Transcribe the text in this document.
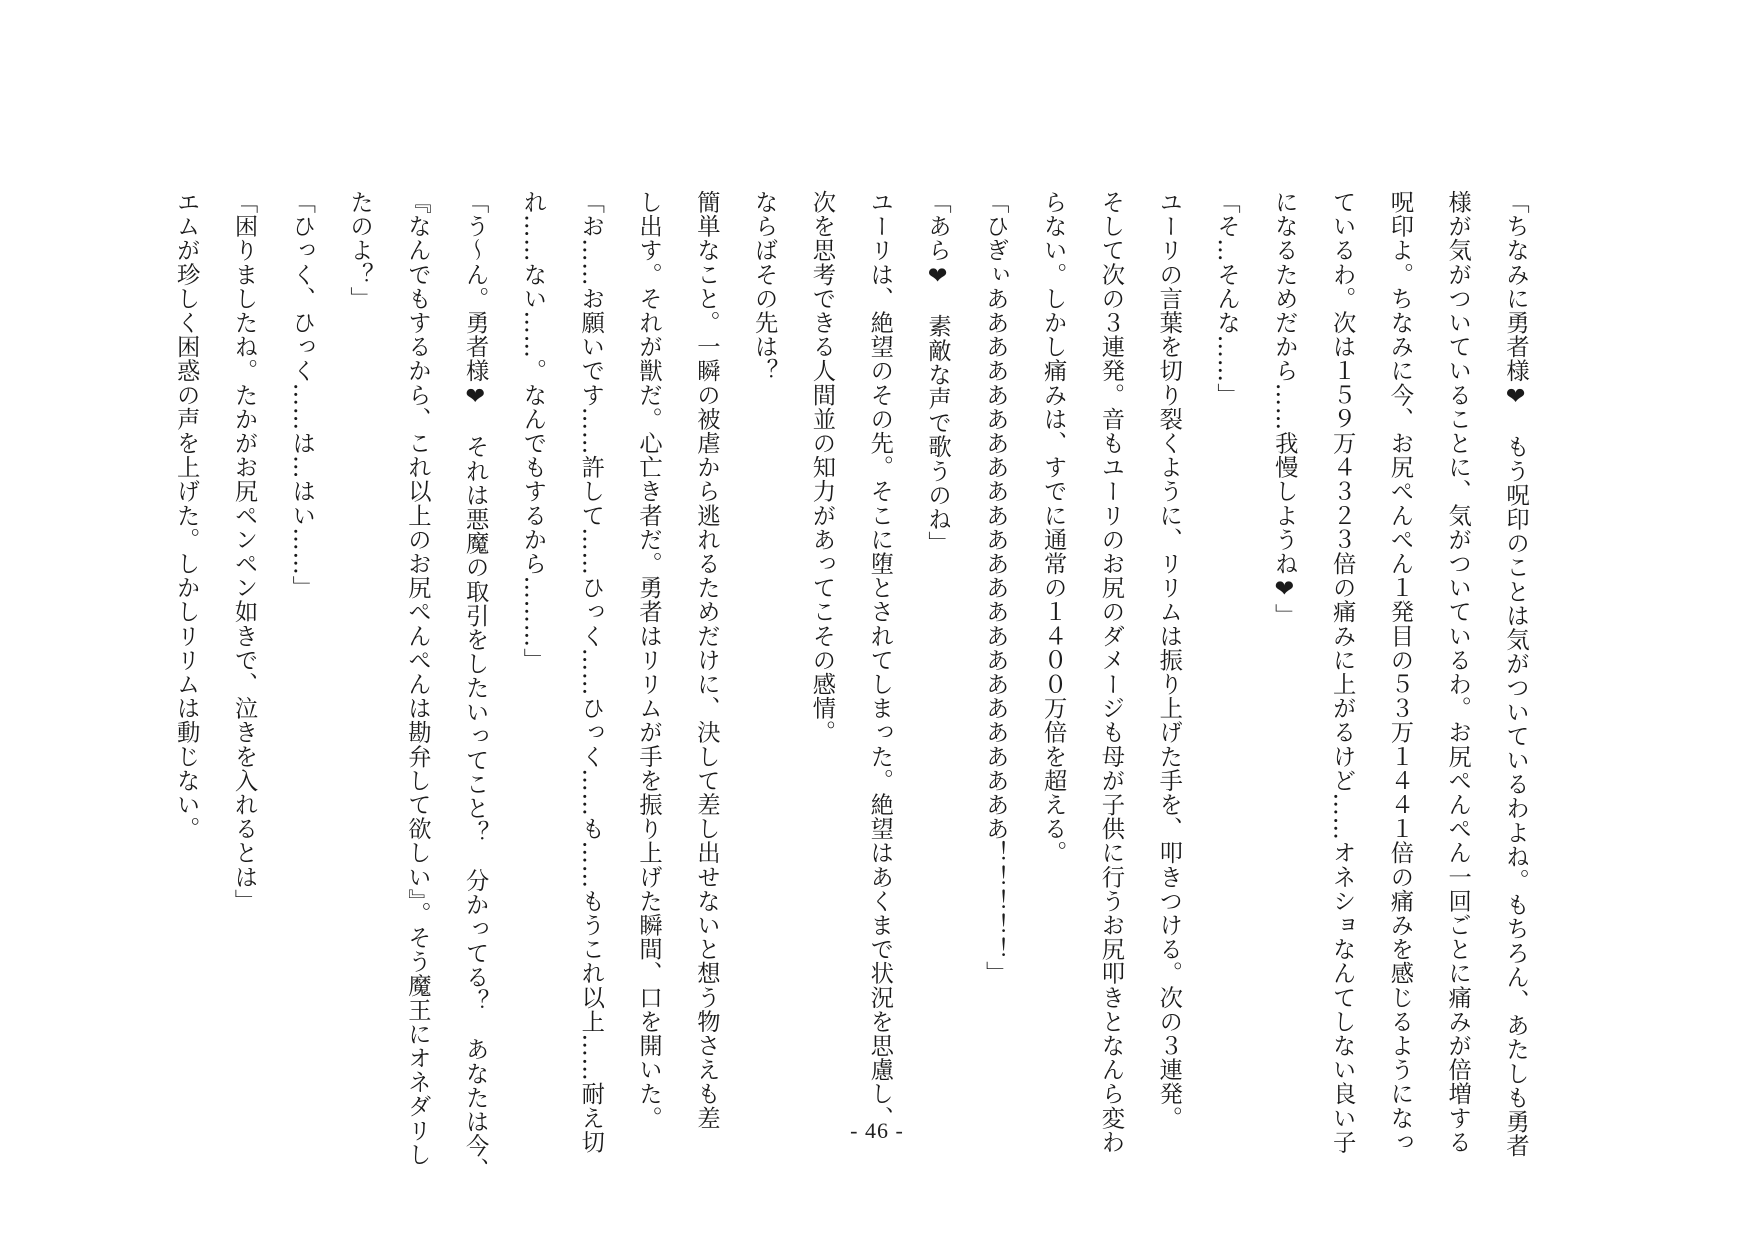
「ちなみに勇者様❤　もう呪印のことは気がついているわよね。もちろん、あたしも勇者
様が気がついていることに、気がついているわ。お尻ぺんぺん一回ごとに痛みが倍増する
呪印よ。ちなみに今、お尻ぺんぺん１発目の５３万１４４１倍の痛みを感じるようになっ
ているわ。次は１５９万４３２３倍の痛みに上がるけど……オネショなんてしない良い子
になるためだから……我慢しようね❤」
「そ…そんな……」
ユーリの言葉を切り裂くように、リリムは振り上げた手を、叩きつける。次の３連発。
そして次の３連発。音もユーリのお尻のダメージも母が子供に行うお尻叩きとなんら変わ
らない。しかし痛みは、すでに通常の１４００万倍を超える。
「ひぎぃあああああああああああああああああああああああ！！！！！」
「あら❤　素敵な声で歌うのね」
ユーリは、絶望のその先。そこに堕とされてしまった。絶望はあくまで状況を思慮し、
次を思考できる人間並の知力があってこその感情。
ならばその先は？
簡単なこと。一瞬の被虐から逃れるためだけに、決して差し出せないと想う物さえも差
し出す。それが獣だ。心亡き者だ。勇者はリリムが手を振り上げた瞬間、口を開いた。
「お……お願いです……許して……ひっく……ひっく……も……もうこれ以上……耐え切
れ……ない……。なんでもするから………」
「う～ん。勇者様❤　それは悪魔の取引をしたいってこと？　分かってる？　あなたは今、
『なんでもするから、これ以上のお尻ぺんぺんは勘弁して欲しい』。そう魔王にオネダリし
たのよ？」
「ひっく、ひっく……は…はい……」
「困りましたね。たかがお尻ペンペン如きで、泣きを入れるとは」
エムが珍しく困惑の声を上げた。しかしリリムは動じない。
- 46 -
